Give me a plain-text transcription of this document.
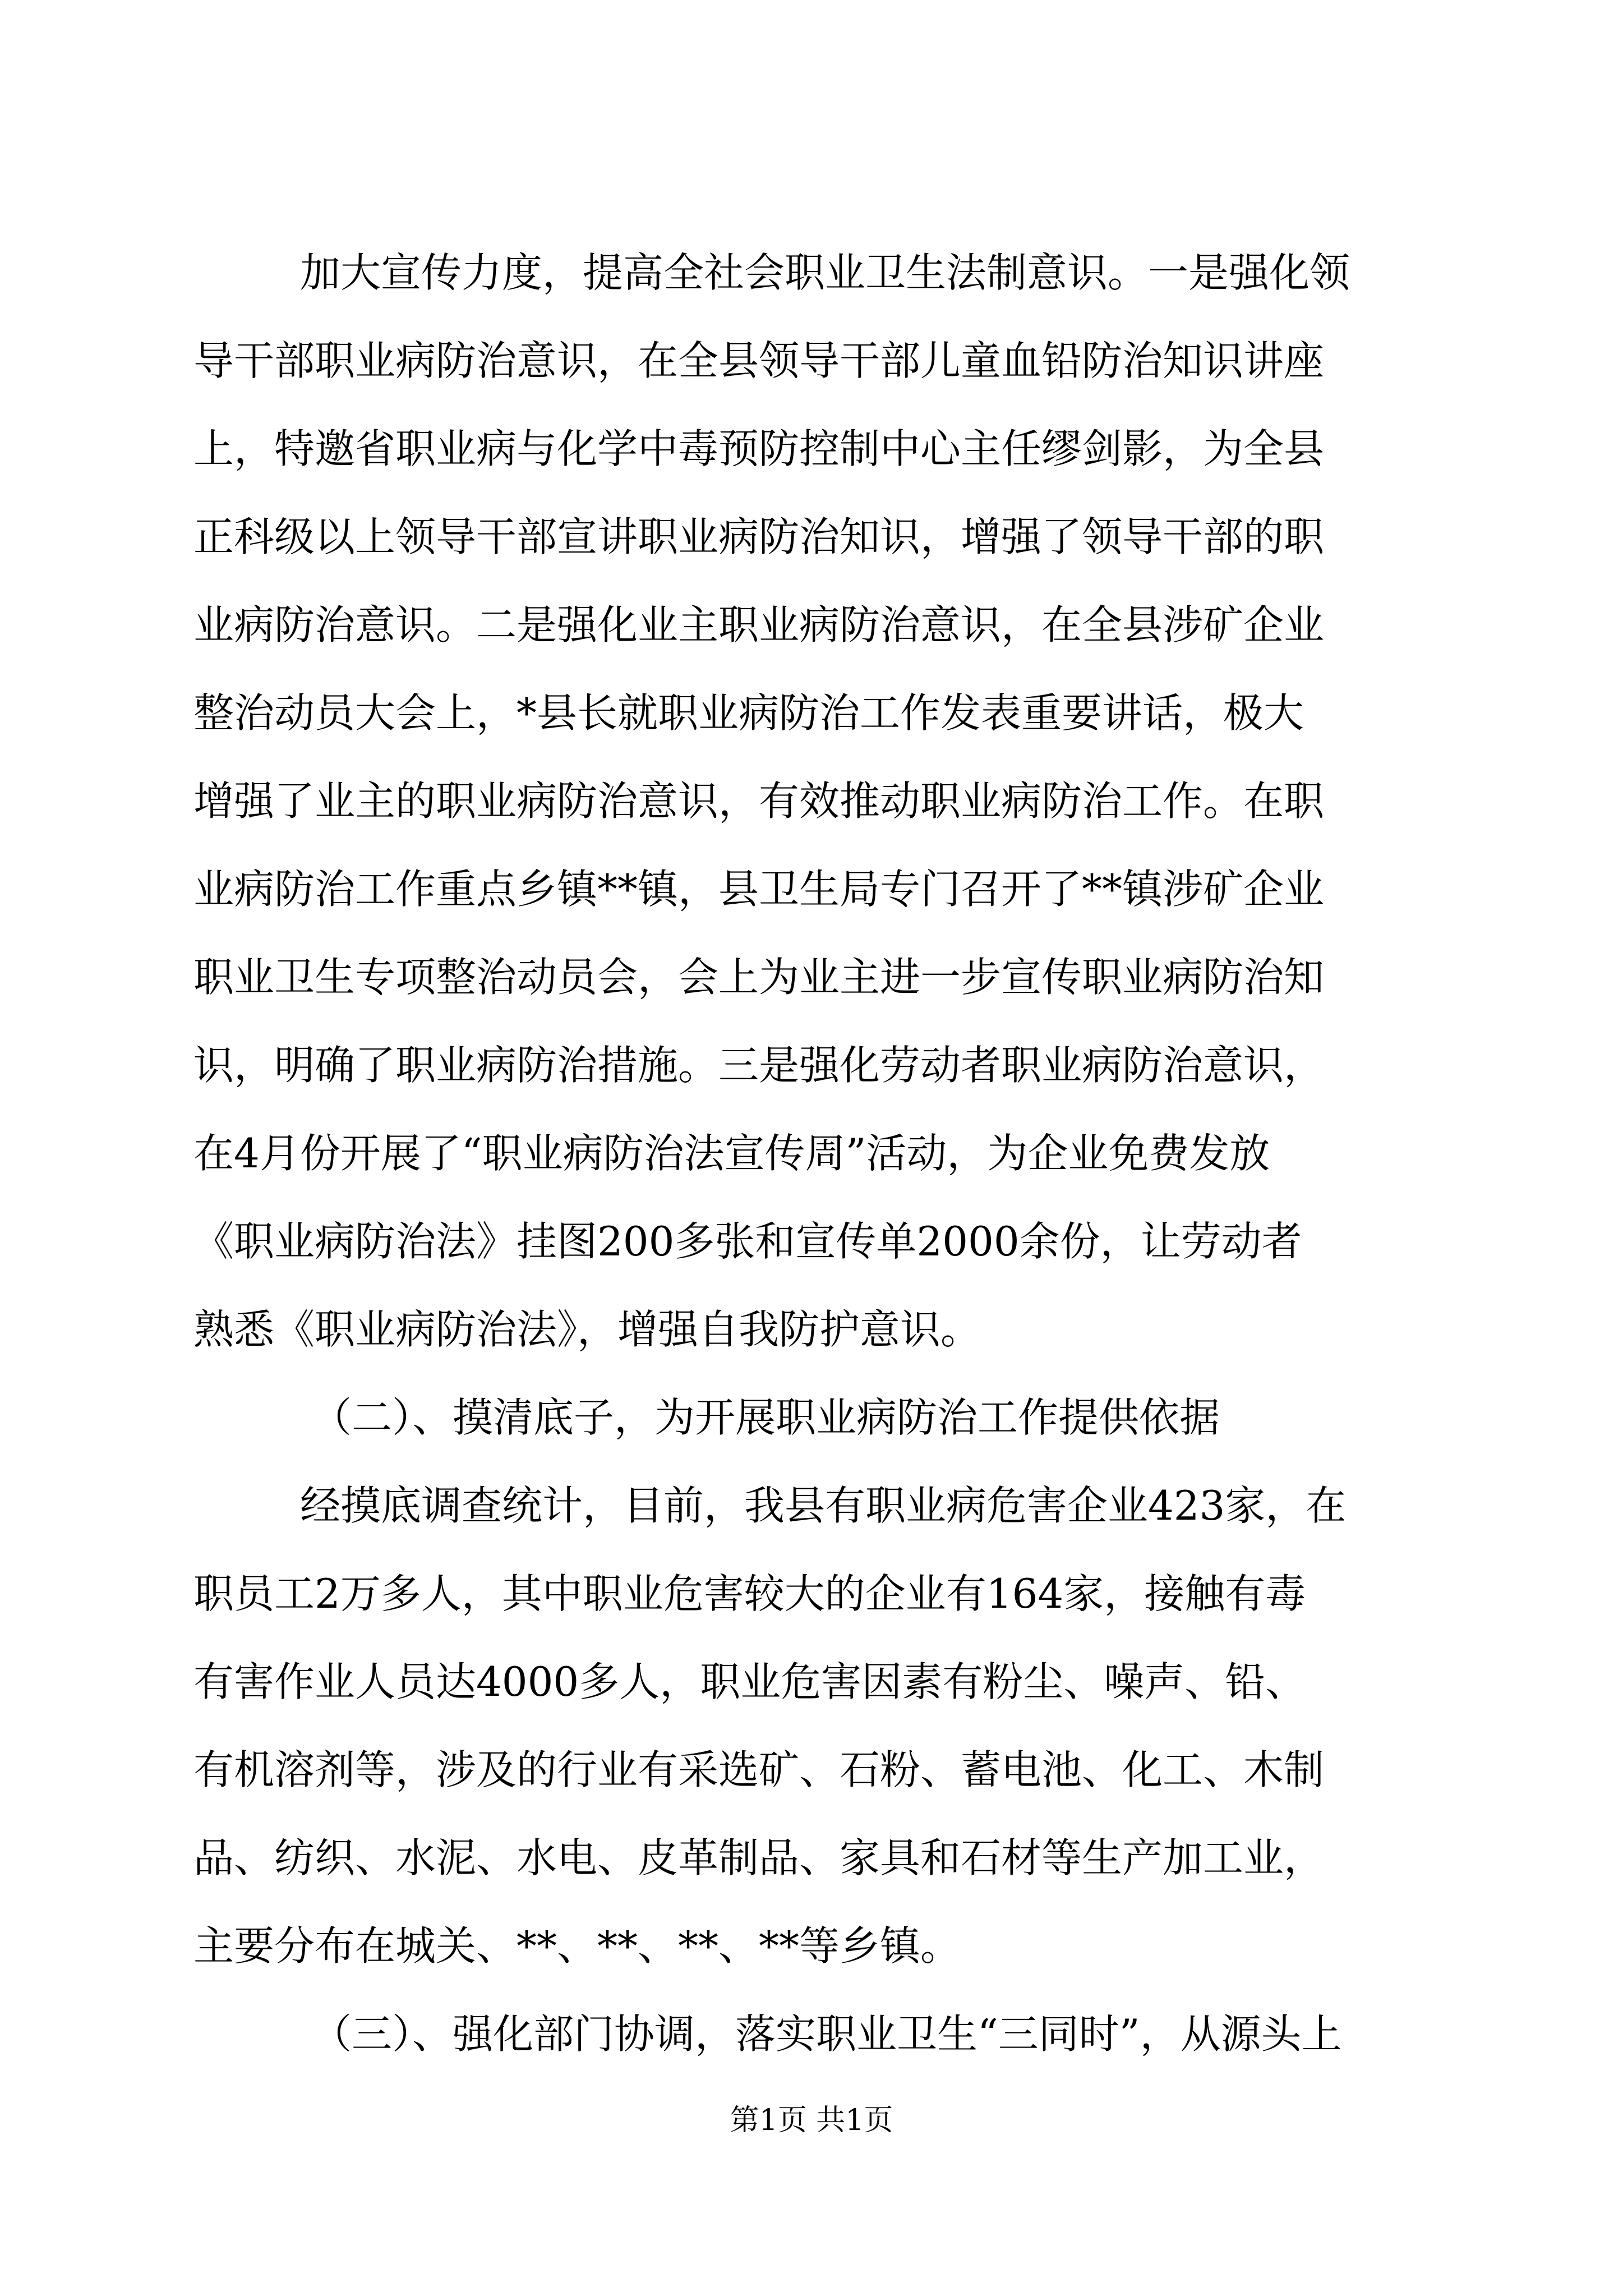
加大宣传力度，提高全社会职业卫生法制意识。一是强化领
导干部职业病防治意识，在全县领导干部儿童血铅防治知识讲座
上，特邀省职业病与化学中毒预防控制中心主任缪剑影，为全县
正科级以上领导干部宣讲职业病防治知识，增强了领导干部的职
业病防治意识。二是强化业主职业病防治意识，在全县涉矿企业
整治动员大会上，*县长就职业病防治工作发表重要讲话，极大
增强了业主的职业病防治意识，有效推动职业病防治工作。在职
业病防治工作重点乡镇**镇，县卫生局专门召开了**镇涉矿企业
职业卫生专项整治动员会，会上为业主进一步宣传职业病防治知
识，明确了职业病防治措施。三是强化劳动者职业病防治意识，
在4月份开展了“职业病防治法宣传周”活动，为企业免费发放
《职业病防治法》挂图200多张和宣传单2000余份，让劳动者
熟悉《职业病防治法》，增强自我防护意识。
（二）、摸清底子，为开展职业病防治工作提供依据
经摸底调查统计，目前，我县有职业病危害企业423家，在
职员工2万多人，其中职业危害较大的企业有164家，接触有毒
有害作业人员达4000多人，职业危害因素有粉尘、噪声、铅、
有机溶剂等，涉及的行业有采选矿、石粉、蓄电池、化工、木制
品、纺织、水泥、水电、皮革制品、家具和石材等生产加工业，
主要分布在城关、**、**、**、**等乡镇。
（三）、强化部门协调，落实职业卫生“三同时”，从源头上
第1页 共1页
